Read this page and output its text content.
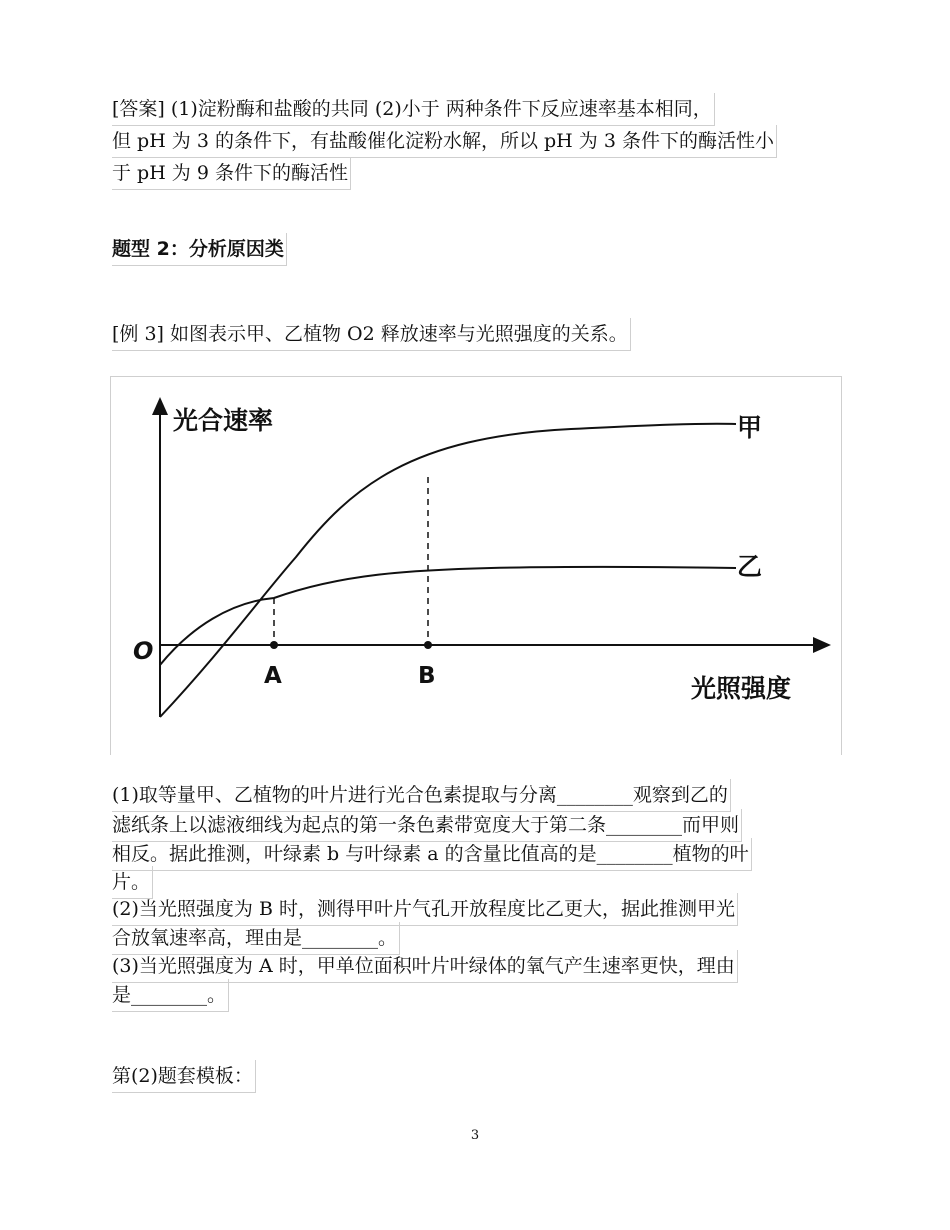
[答案] (1)淀粉酶和盐酸的共同 (2)小于 两种条件下反应速率基本相同，
但 pH 为 3 的条件下，有盐酸催化淀粉水解，所以 pH 为 3 条件下的酶活性小
于 pH 为 9 条件下的酶活性
题型 2：分析原因类
[例 3] 如图表示甲、乙植物 O2 释放速率与光照强度的关系。
光合速率
光照强度
O
甲
乙
A	B
(1)取等量甲、乙植物的叶片进行光合色素提取与分离________观察到乙的
滤纸条上以滤液细线为起点的第一条色素带宽度大于第二条________而甲则
相反。据此推测，叶绿素 b 与叶绿素 a 的含量比值高的是________植物的叶
片。
(2)当光照强度为 B 时，测得甲叶片气孔开放程度比乙更大，据此推测甲光
合放氧速率高，理由是________。
(3)当光照强度为 A 时，甲单位面积叶片叶绿体的氧气产生速率更快，理由
是________。
第(2)题套模板：
3
